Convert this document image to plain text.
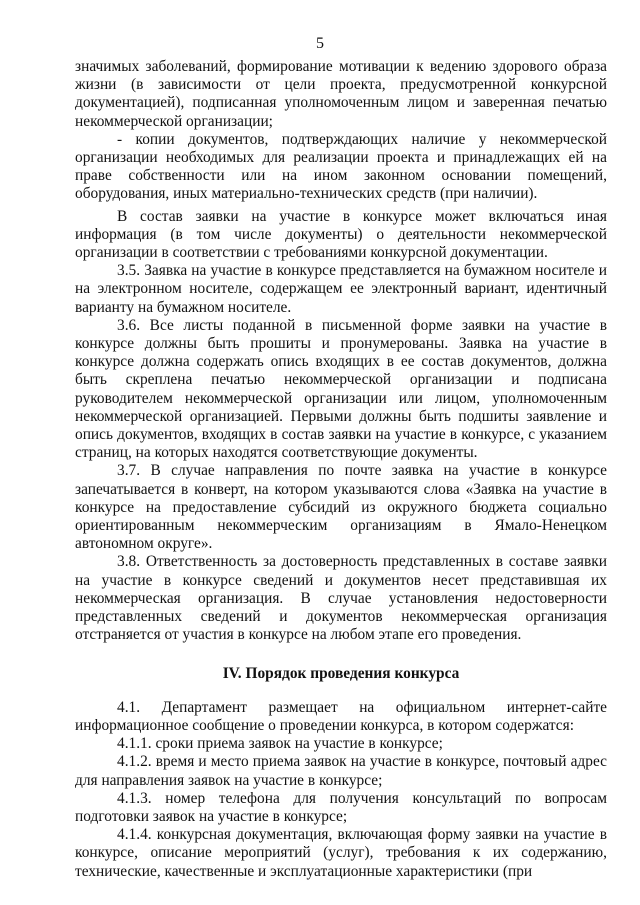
5

значимых заболеваний, формирование мотивации к ведению здорового образа жизни (в зависимости от цели проекта, предусмотренной конкурсной документацией), подписанная уполномоченным лицом и заверенная печатью некоммерческой организации;

- копии документов, подтверждающих наличие у некоммерческой организации необходимых для реализации проекта и принадлежащих ей на праве собственности или на ином законном основании помещений, оборудования, иных материально-технических средств (при наличии).

В состав заявки на участие в конкурсе может включаться иная информация (в том числе документы) о деятельности некоммерческой организации в соответствии с требованиями конкурсной документации.

3.5. Заявка на участие в конкурсе представляется на бумажном носителе и на электронном носителе, содержащем ее электронный вариант, идентичный варианту на бумажном носителе.

3.6. Все листы поданной в письменной форме заявки на участие в конкурсе должны быть прошиты и пронумерованы. Заявка на участие в конкурсе должна содержать опись входящих в ее состав документов, должна быть скреплена печатью некоммерческой организации и подписана руководителем некоммерческой организации или лицом, уполномоченным некоммерческой организацией. Первыми должны быть подшиты заявление и опись документов, входящих в состав заявки на участие в конкурсе, с указанием страниц, на которых находятся соответствующие документы.

3.7. В случае направления по почте заявка на участие в конкурсе запечатывается в конверт, на котором указываются слова «Заявка на участие в конкурсе на предоставление субсидий из окружного бюджета социально ориентированным некоммерческим организациям в Ямало-Ненецком автономном округе».

3.8. Ответственность за достоверность представленных в составе заявки на участие в конкурсе сведений и документов несет представившая их некоммерческая организация. В случае установления недостоверности представленных сведений и документов некоммерческая организация отстраняется от участия в конкурсе на любом этапе его проведения.

IV. Порядок проведения конкурса

4.1. Департамент размещает на официальном интернет-сайте информационное сообщение о проведении конкурса, в котором содержатся:

4.1.1. сроки приема заявок на участие в конкурсе;

4.1.2. время и место приема заявок на участие в конкурсе, почтовый адрес для направления заявок на участие в конкурсе;

4.1.3. номер телефона для получения консультаций по вопросам подготовки заявок на участие в конкурсе;

4.1.4. конкурсная документация, включающая форму заявки на участие в конкурсе, описание мероприятий (услуг), требования к их содержанию, технические, качественные и эксплуатационные характеристики (при
